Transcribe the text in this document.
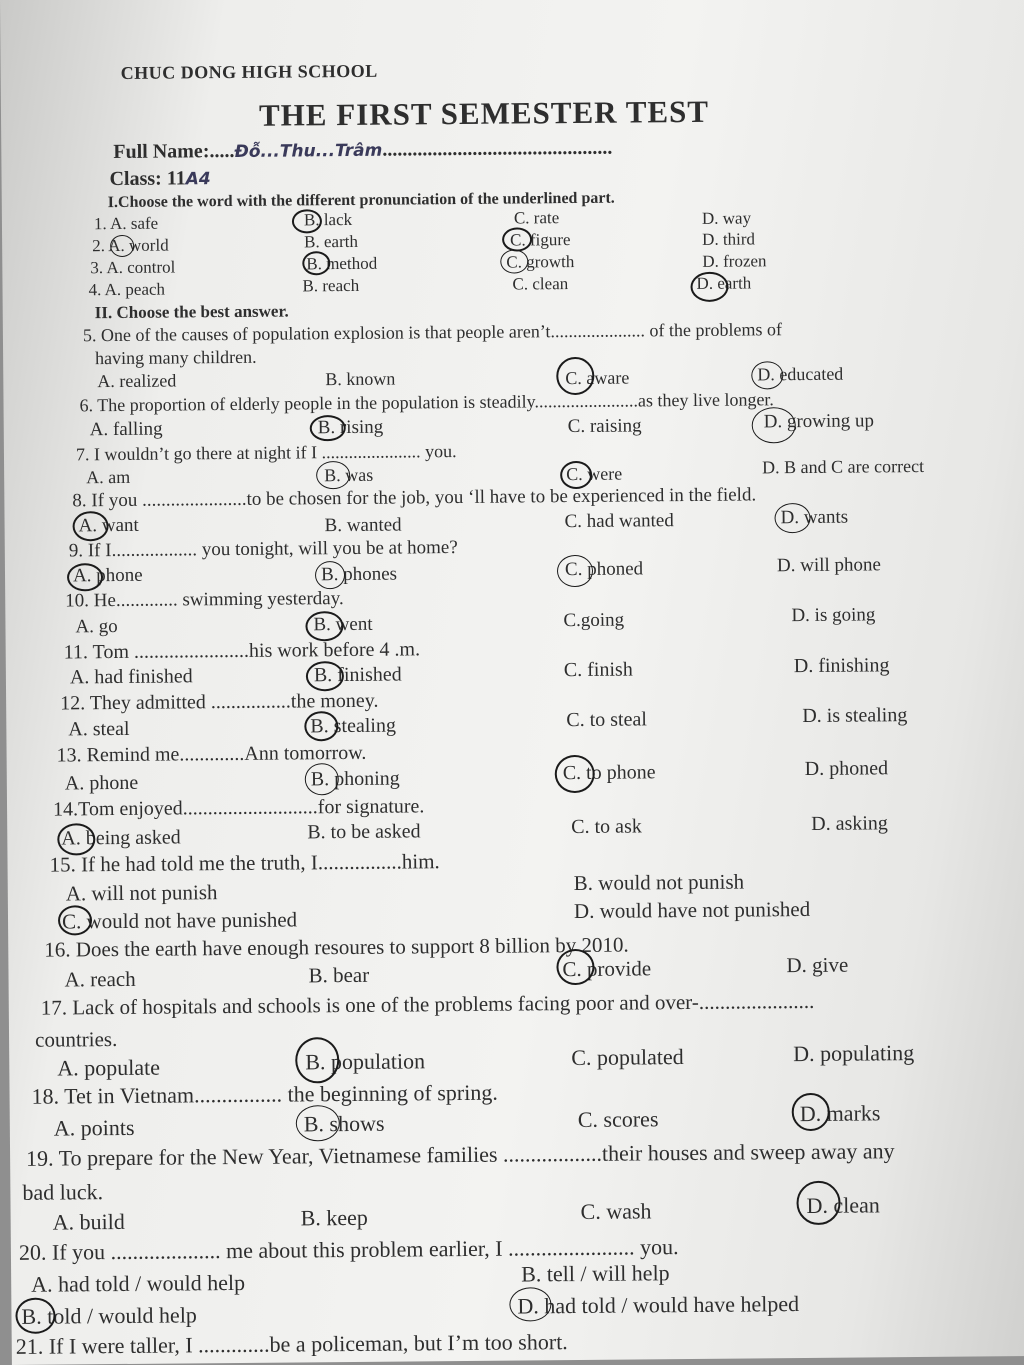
CHUC DONG HIGH SCHOOL
THE FIRST SEMESTER TEST
Full Name:.....Đỗ...Thu...Trâm..............................................
Class: 11A4
I.Choose the word with the different pronunciation of the underlined part.
1. A. safe	B. lack	C. rate	D. way
2. A. world	B. earth	C. figure	D. third
3. A. control	B. method	C. growth	D. frozen
4. A. peach	B. reach	C. clean	D. earth
II. Choose the best answer.
5. One of the causes of population explosion is that people aren’t..................... of the problems of
having many children.
A. realized	B. known	C. aware	D. educated
6. The proportion of elderly people in the population is steadily.......................as they live longer.
A. falling	B. rising	C. raising	D. growing up
7. I wouldn’t go there at night if I ...................... you.
A. am	B. was	C. were	D. B and C are correct
8. If you ......................to be chosen for the job, you ‘ll have to be experienced in the field.
A. want	B. wanted	C. had wanted	D. wants
9. If I.................. you tonight, will you be at home?
A. phone	B. phones	C. phoned	D. will phone
10. He............. swimming yesterday.
A. go	B. went	C.going	D. is going
11. Tom .......................his work before 4 .m.
A. had finished	B. finished	C. finish	D. finishing
12. They admitted ................the money.
A. steal	B. stealing	C. to steal	D. is stealing
13. Remind me.............Ann tomorrow.
A. phone	B. phoning	C. to phone	D. phoned
14.Tom enjoyed...........................for signature.
A. being asked	B. to be asked	C. to ask	D. asking
15. If he had told me the truth, I................him.
A. will not punish	B. would not punish
C. would not have punished	D. would have not punished
16. Does the earth have enough resoures to support 8 billion by 2010.
A. reach	B. bear	C. provide	D. give
17. Lack of hospitals and schools is one of the problems facing poor and over-......................
countries.
A. populate	B. population	C. populated	D. populating
18. Tet in Vietnam................ the beginning of spring.
A. points	B. shows	C. scores	D. marks
19. To prepare for the New Year, Vietnamese families ..................their houses and sweep away any
bad luck.
A. build	B. keep	C. wash	D. clean
20. If you .................... me about this problem earlier, I ....................... you.
A. had told / would help	B. tell / will help
B. told / would help	D. had told / would have helped
21. If I were taller, I .............be a policeman, but I’m too short.
